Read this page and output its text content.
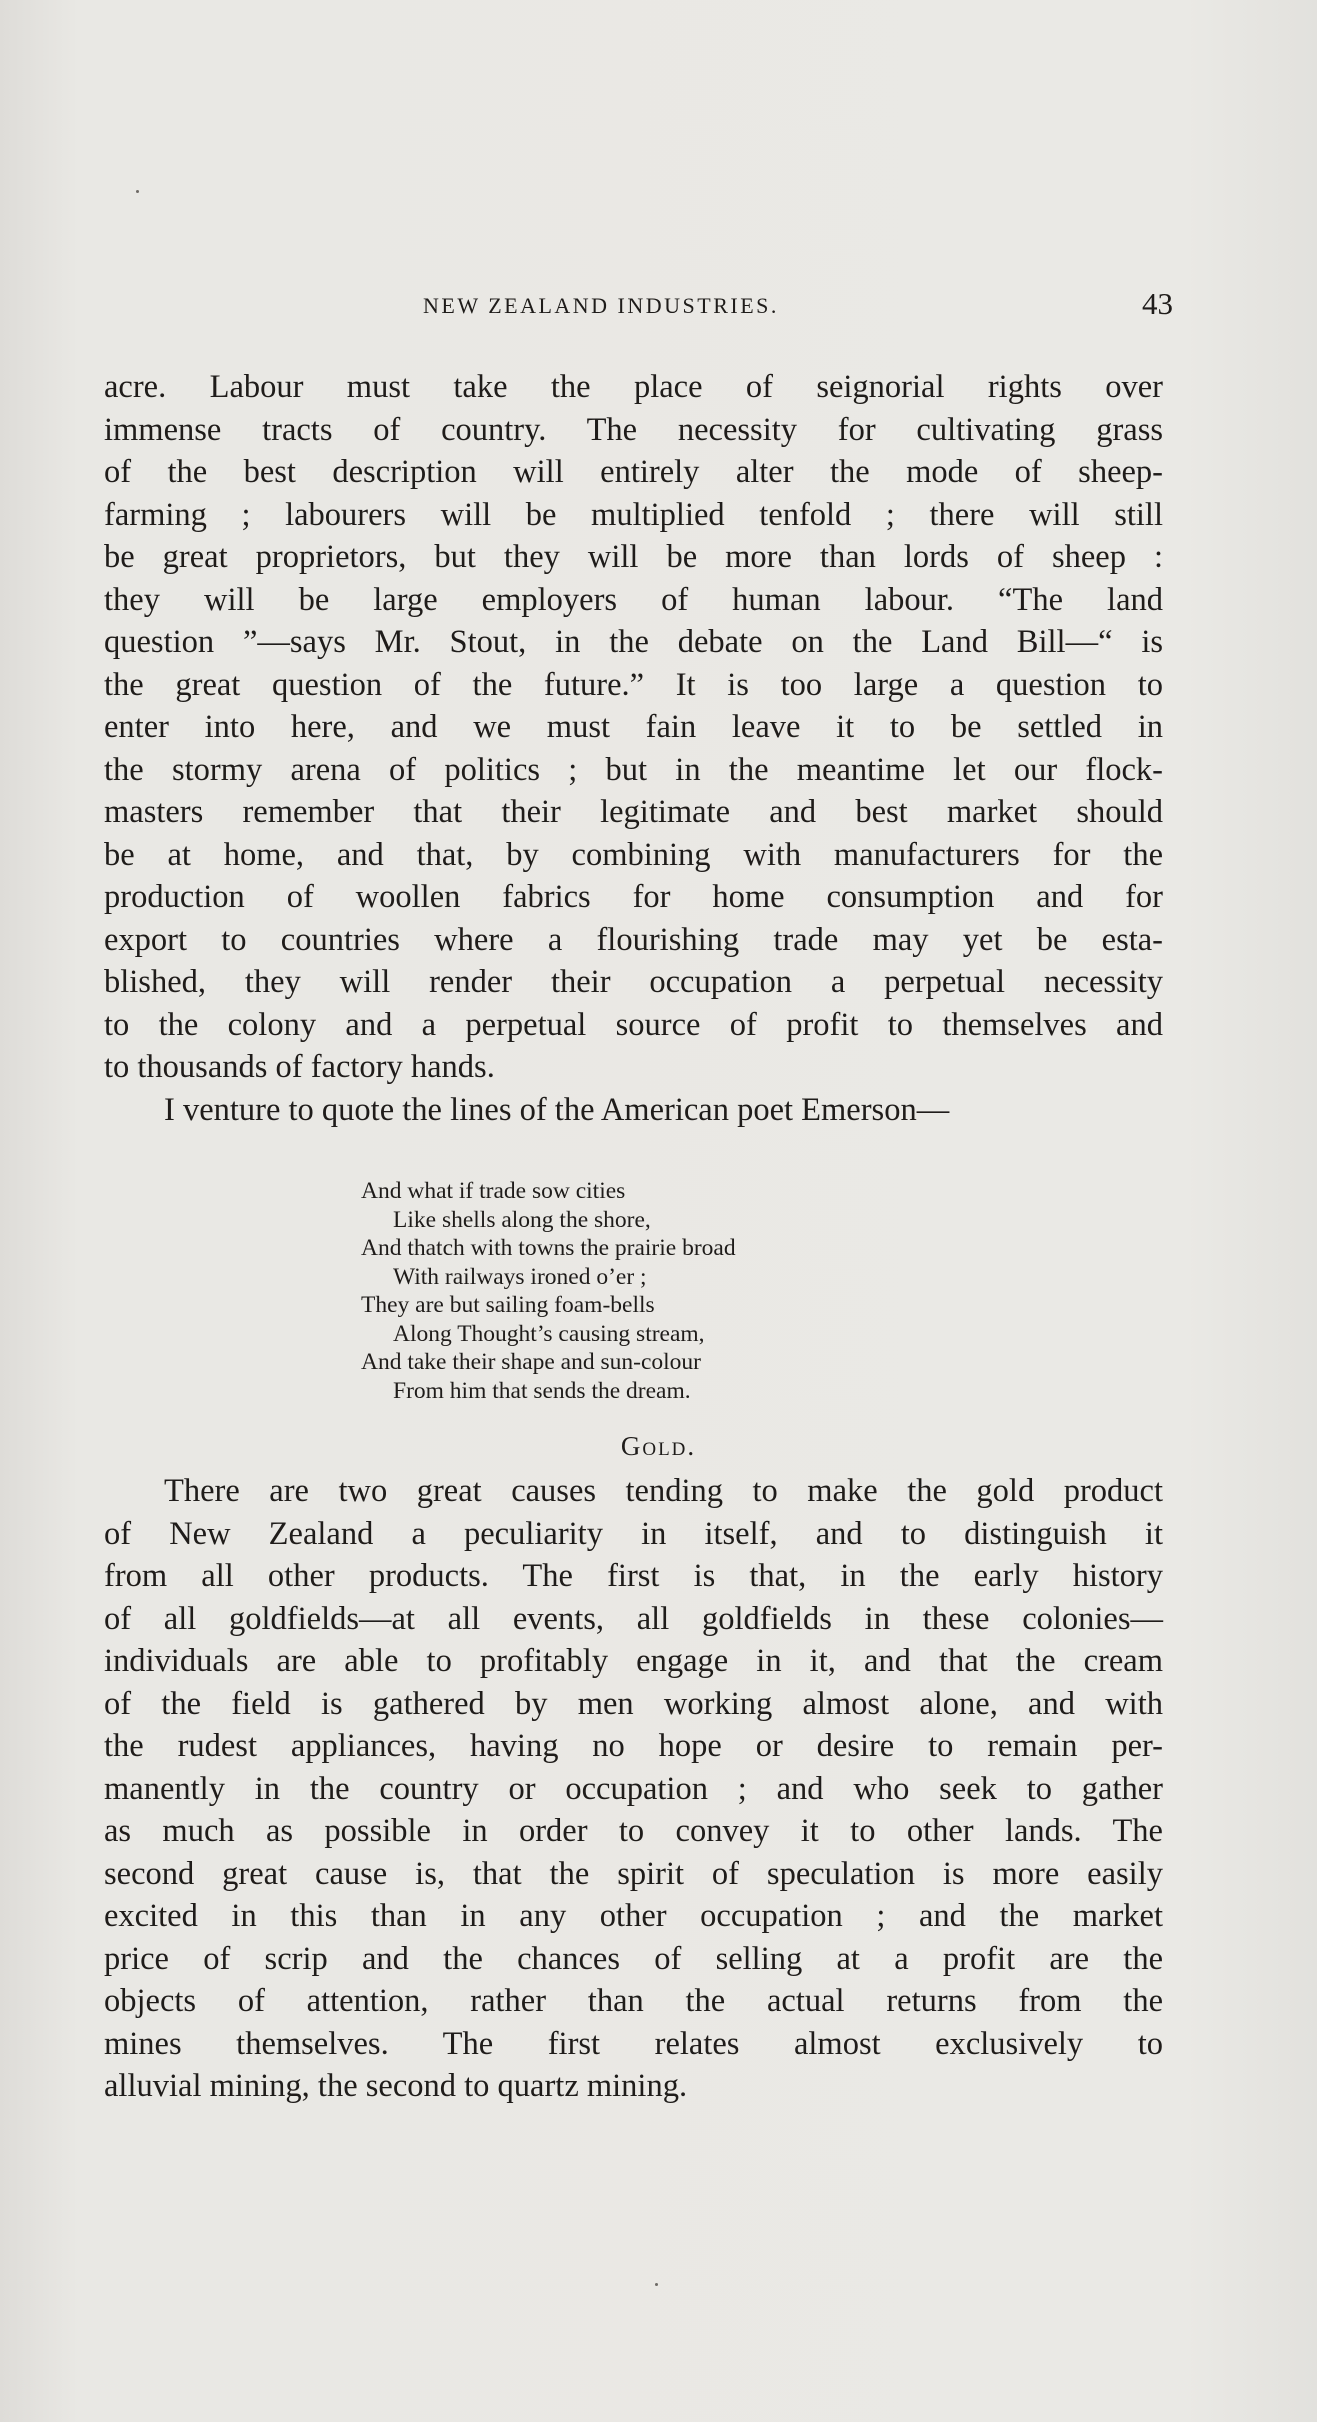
NEW ZEALAND INDUSTRIES.	43
acre. Labour must take the place of seignorial rights over
immense tracts of country. The necessity for cultivating grass
of the best description will entirely alter the mode of sheep-
farming ; labourers will be multiplied tenfold ; there will still
be great proprietors, but they will be more than lords of sheep :
they will be large employers of human labour. “The land
question ”—says Mr. Stout, in the debate on the Land Bill—“ is
the great question of the future.” It is too large a question to
enter into here, and we must fain leave it to be settled in
the stormy arena of politics ; but in the meantime let our flock-
masters remember that their legitimate and best market should
be at home, and that, by combining with manufacturers for the
production of woollen fabrics for home consumption and for
export to countries where a flourishing trade may yet be esta-
blished, they will render their occupation a perpetual necessity
to the colony and a perpetual source of profit to themselves and
to thousands of factory hands.
I venture to quote the lines of the American poet Emerson—
And what if trade sow cities
Like shells along the shore,
And thatch with towns the prairie broad
With railways ironed o’er ;
They are but sailing foam-bells
Along Thought’s causing stream,
And take their shape and sun-colour
From him that sends the dream.
Gold.
There are two great causes tending to make the gold product
of New Zealand a peculiarity in itself, and to distinguish it
from all other products. The first is that, in the early history
of all goldfields—at all events, all goldfields in these colonies—
individuals are able to profitably engage in it, and that the cream
of the field is gathered by men working almost alone, and with
the rudest appliances, having no hope or desire to remain per-
manently in the country or occupation ; and who seek to gather
as much as possible in order to convey it to other lands. The
second great cause is, that the spirit of speculation is more easily
excited in this than in any other occupation ; and the market
price of scrip and the chances of selling at a profit are the
objects of attention, rather than the actual returns from the
mines themselves. The first relates almost exclusively to
alluvial mining, the second to quartz mining.
